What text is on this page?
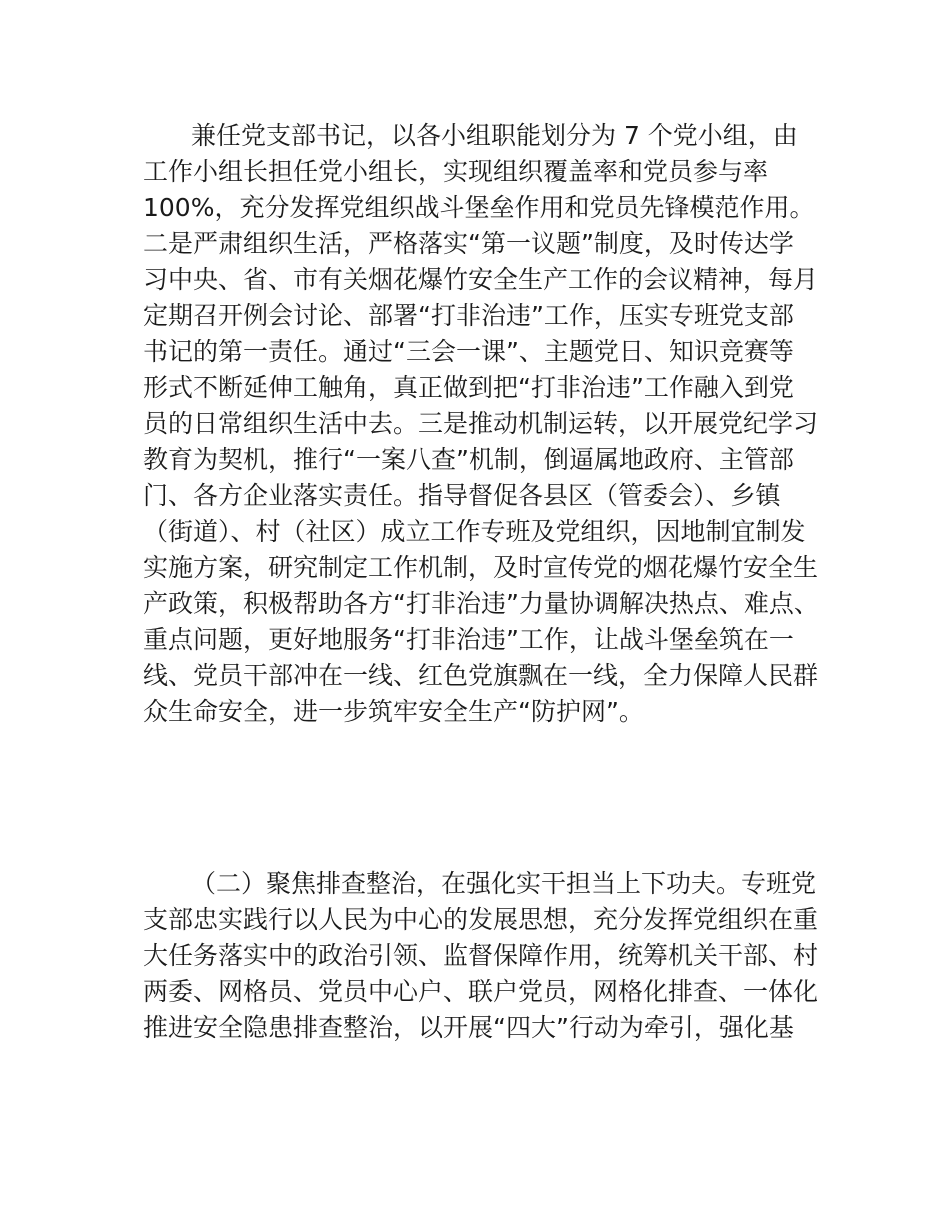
兼任党支部书记，以各小组职能划分为 7 个党小组，由
工作小组长担任党小组长，实现组织覆盖率和党员参与率
100%，充分发挥党组织战斗堡垒作用和党员先锋模范作用。
二是严肃组织生活，严格落实“第一议题”制度，及时传达学
习中央、省、市有关烟花爆竹安全生产工作的会议精神，每月
定期召开例会讨论、部署“打非治违”工作，压实专班党支部
书记的第一责任。通过“三会一课”、主题党日、知识竞赛等
形式不断延伸工触角，真正做到把“打非治违”工作融入到党
员的日常组织生活中去。三是推动机制运转，以开展党纪学习
教育为契机，推行“一案八查”机制，倒逼属地政府、主管部
门、各方企业落实责任。指导督促各县区（管委会）、乡镇
（街道）、村（社区）成立工作专班及党组织，因地制宜制发
实施方案，研究制定工作机制，及时宣传党的烟花爆竹安全生
产政策，积极帮助各方“打非治违”力量协调解决热点、难点、
重点问题，更好地服务“打非治违”工作，让战斗堡垒筑在一
线、党员干部冲在一线、红色党旗飘在一线，全力保障人民群
众生命安全，进一步筑牢安全生产“防护网”。
（二）聚焦排查整治，在强化实干担当上下功夫。专班党
支部忠实践行以人民为中心的发展思想，充分发挥党组织在重
大任务落实中的政治引领、监督保障作用，统筹机关干部、村
两委、网格员、党员中心户、联户党员，网格化排查、一体化
推进安全隐患排查整治，以开展“四大”行动为牵引，强化基
